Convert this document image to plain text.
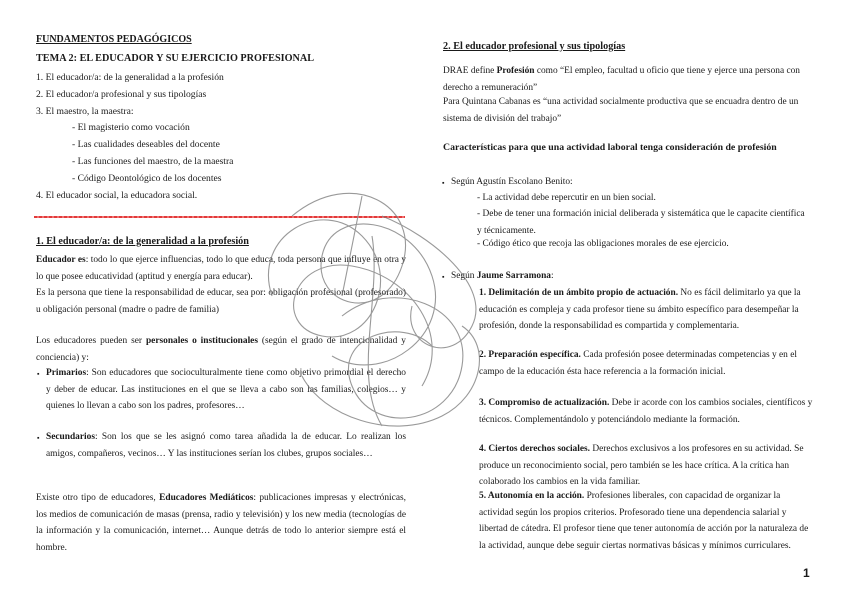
FUNDAMENTOS PEDAGÓGICOS
TEMA 2: EL EDUCADOR Y SU EJERCICIO PROFESIONAL
1. El educador/a: de la generalidad a la profesión
2. El educador/a profesional y sus tipologías
3. El maestro, la maestra:
- El magisterio como vocación
- Las cualidades deseables del docente
- Las funciones del maestro, de la maestra
- Código Deontológico de los docentes
4. El educador social, la educadora social.
1. El educador/a: de la generalidad a la profesión
Educador es: todo lo que ejerce influencias, todo lo que educa, toda persona que influye en otra y lo que posee educatividad (aptitud y energía para educar).
Es la persona que tiene la responsabilidad de educar, sea por: obligación profesional (profesorado) u obligación personal (madre o padre de familia)
Los educadores pueden ser personales o institucionales (según el grado de intencionalidad y conciencia) y:
▪ Primarios: Son educadores que socioculturalmente tiene como objetivo primordial el derecho y deber de educar. Las instituciones en el que se lleva a cabo son las familias, colegios… y quienes lo llevan a cabo son los padres, profesores…
▪ Secundarios: Son los que se les asignó como tarea añadida la de educar. Lo realizan los amigos, compañeros, vecinos… Y las instituciones serían los clubes, grupos sociales…
Existe otro tipo de educadores, Educadores Mediáticos: publicaciones impresas y electrónicas, los medios de comunicación de masas (prensa, radio y televisión) y los new media (tecnologías de la información y la comunicación, internet… Aunque detrás de todo lo anterior siempre está el hombre.
2. El educador profesional y sus tipologías
DRAE define Profesión como “El empleo, facultad u oficio que tiene y ejerce una persona con derecho a remuneración”
Para Quintana Cabanas es “una actividad socialmente productiva que se encuadra dentro de un sistema de división del trabajo”
Características para que una actividad laboral tenga consideración de profesión
▪ Según Agustín Escolano Benito:
- La actividad debe repercutir en un bien social.
- Debe de tener una formación inicial deliberada y sistemática que le capacite científica y técnicamente.
- Código ético que recoja las obligaciones morales de ese ejercicio.
▪ Según Jaume Sarramona:
1. Delimitación de un ámbito propio de actuación. No es fácil delimitarlo ya que la educación es compleja y cada profesor tiene su ámbito específico para desempeñar la profesión, donde la responsabilidad es compartida y complementaria.
2. Preparación específica. Cada profesión posee determinadas competencias y en el campo de la educación ésta hace referencia a la formación inicial.
3. Compromiso de actualización. Debe ir acorde con los cambios sociales, científicos y técnicos. Complementándolo y potenciándolo mediante la formación.
4. Ciertos derechos sociales. Derechos exclusivos a los profesores en su actividad. Se produce un reconocimiento social, pero también se les hace crítica. A la crítica han colaborado los cambios en la vida familiar.
5. Autonomía en la acción. Profesiones liberales, con capacidad de organizar la actividad según los propios criterios. Profesorado tiene una dependencia salarial y libertad de cátedra. El profesor tiene que tener autonomía de acción por la naturaleza de la actividad, aunque debe seguir ciertas normativas básicas y mínimos curriculares.
1
